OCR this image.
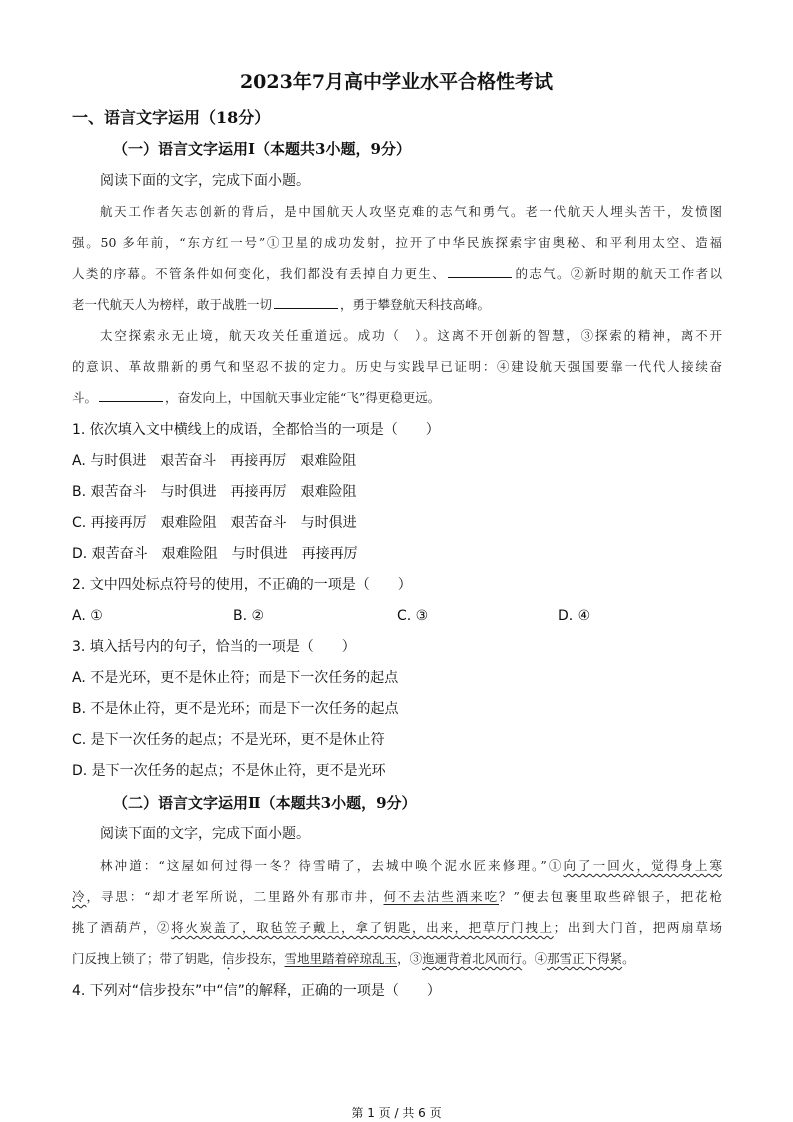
2023年7月高中学业水平合格性考试
一、语言文字运用（18分）
（一）语言文字运用Ⅰ（本题共3小题，9分）
阅读下面的文字，完成下面小题。
航天工作者矢志创新的背后，是中国航天人攻坚克难的志气和勇气。老一代航天人埋头苦干，发愤图
强。50 多年前，“东方红一号”①卫星的成功发射，拉开了中华民族探索宇宙奥秘、和平利用太空、造福
人类的序幕。不管条件如何变化，我们都没有丢掉自力更生、	的志气。②新时期的航天工作者以
老一代航天人为榜样，敢于战胜一切	，勇于攀登航天科技高峰。
太空探索永无止境，航天攻关任重道远。成功（　）。这离不开创新的智慧，③探索的精神，离不开
的意识、革故鼎新的勇气和坚忍不拔的定力。历史与实践早已证明：④建设航天强国要靠一代代人接续奋
斗。	，奋发向上，中国航天事业定能“飞”得更稳更远。
1. 依次填入文中横线上的成语，全都恰当的一项是（　　）
A. 与时俱进　艰苦奋斗　再接再厉　艰难险阻
B. 艰苦奋斗　与时俱进　再接再厉　艰难险阻
C. 再接再厉　艰难险阻　艰苦奋斗　与时俱进
D. 艰苦奋斗　艰难险阻　与时俱进　再接再厉
2. 文中四处标点符号的使用，不正确的一项是（　　）
A. ①	B. ②	C. ③	D. ④
3. 填入括号内的句子，恰当的一项是（　　）
A. 不是光环，更不是休止符；而是下一次任务的起点
B. 不是休止符，更不是光环；而是下一次任务的起点
C. 是下一次任务的起点；不是光环，更不是休止符
D. 是下一次任务的起点；不是休止符，更不是光环
（二）语言文字运用Ⅱ（本题共3小题，9分）
阅读下面的文字，完成下面小题。
林冲道：“这屋如何过得一冬？待雪晴了，去城中唤个泥水匠来修理。”①向了一回火，觉得身上寒
冷，寻思：“却才老军所说，二里路外有那市井，何不去沽些酒来吃？”便去包裹里取些碎银子，把花枪
挑了酒葫芦，②将火炭盖了，取毡笠子戴上，拿了钥匙，出来，把草厅门拽上；出到大门首，把两扇草场
门反拽上锁了；带了钥匙，信步投东，雪地里踏着碎琼乱玉，③迤逦背着北风而行。④那雪正下得紧。
4. 下列对“信步投东”中“信”的解释，正确的一项是（　　）
第 1 页 / 共 6 页
